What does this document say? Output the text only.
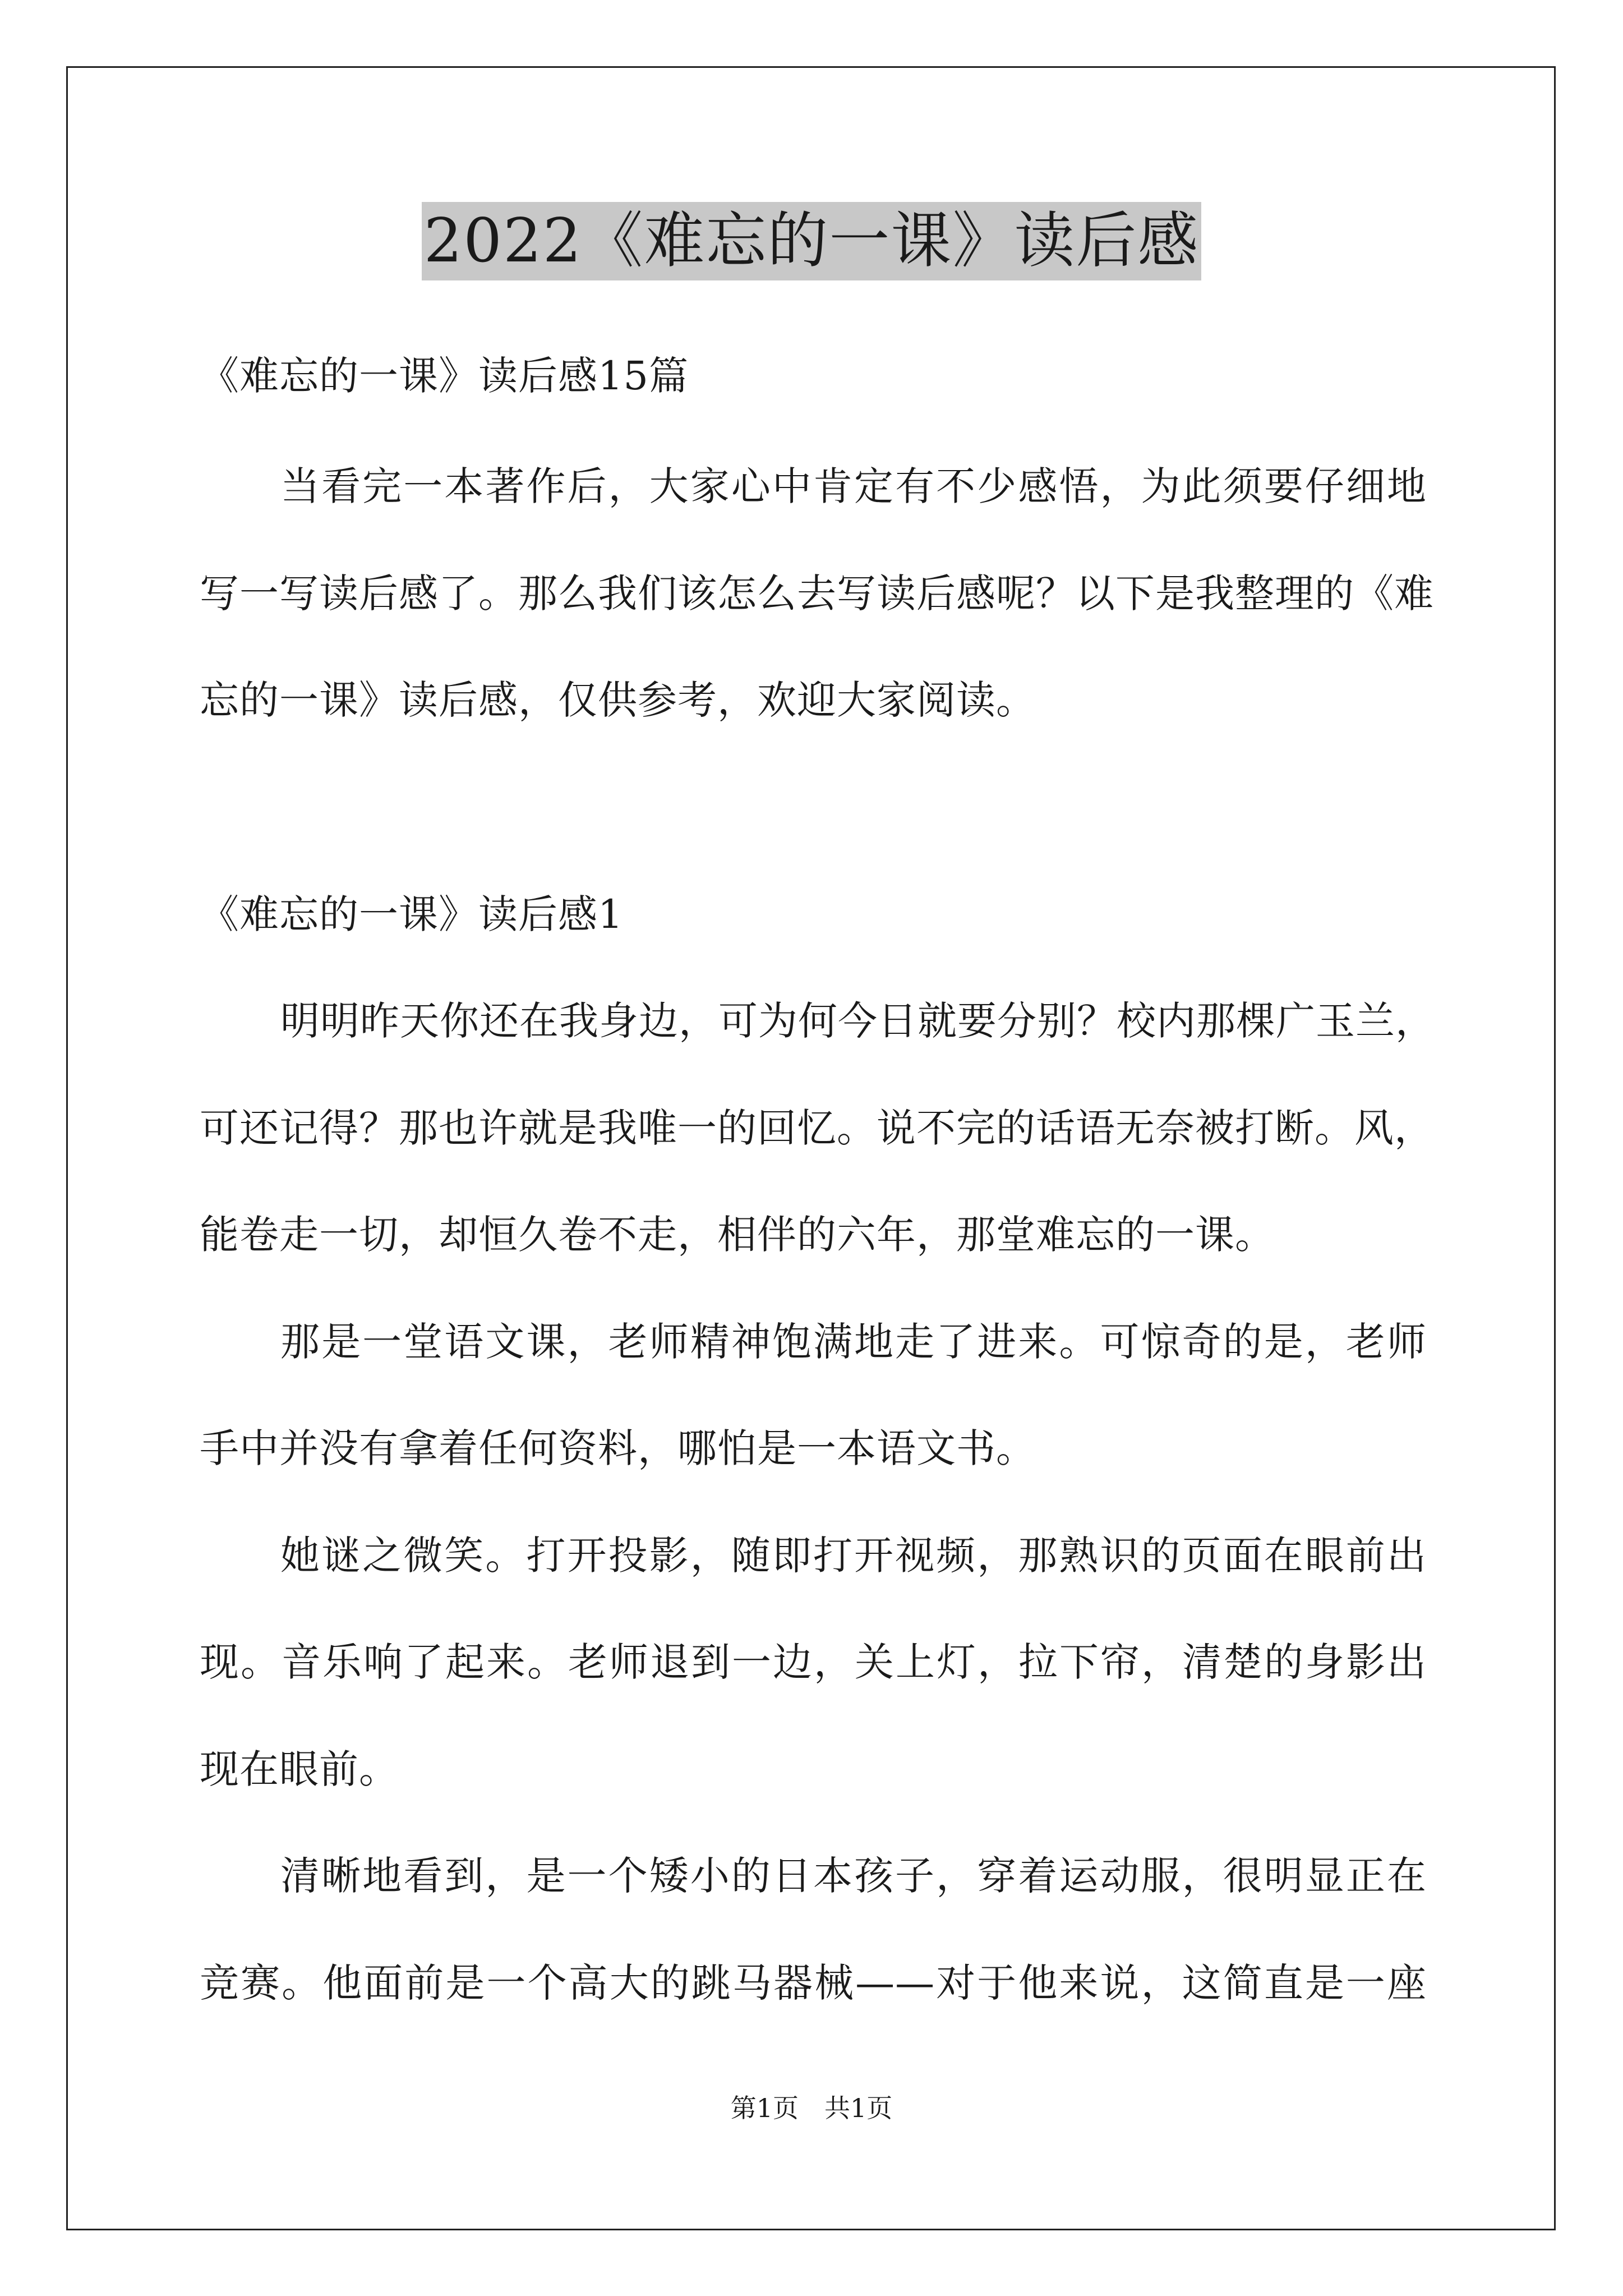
2022《难忘的一课》读后感
《难忘的一课》读后感15篇
当看完一本著作后，大家心中肯定有不少感悟，为此须要仔细地
写一写读后感了。那么我们该怎么去写读后感呢？以下是我整理的《难
忘的一课》读后感，仅供参考，欢迎大家阅读。
《难忘的一课》读后感1
明明昨天你还在我身边，可为何今日就要分别？校内那棵广玉兰，
可还记得？那也许就是我唯一的回忆。说不完的话语无奈被打断。风，
能卷走一切，却恒久卷不走，相伴的六年，那堂难忘的一课。
那是一堂语文课，老师精神饱满地走了进来。可惊奇的是，老师
手中并没有拿着任何资料，哪怕是一本语文书。
她谜之微笑。打开投影，随即打开视频，那熟识的页面在眼前出
现。音乐响了起来。老师退到一边，关上灯，拉下帘，清楚的身影出
现在眼前。
清晰地看到，是一个矮小的日本孩子，穿着运动服，很明显正在
竞赛。他面前是一个高大的跳马器械——对于他来说，这简直是一座
第1页　共1页
